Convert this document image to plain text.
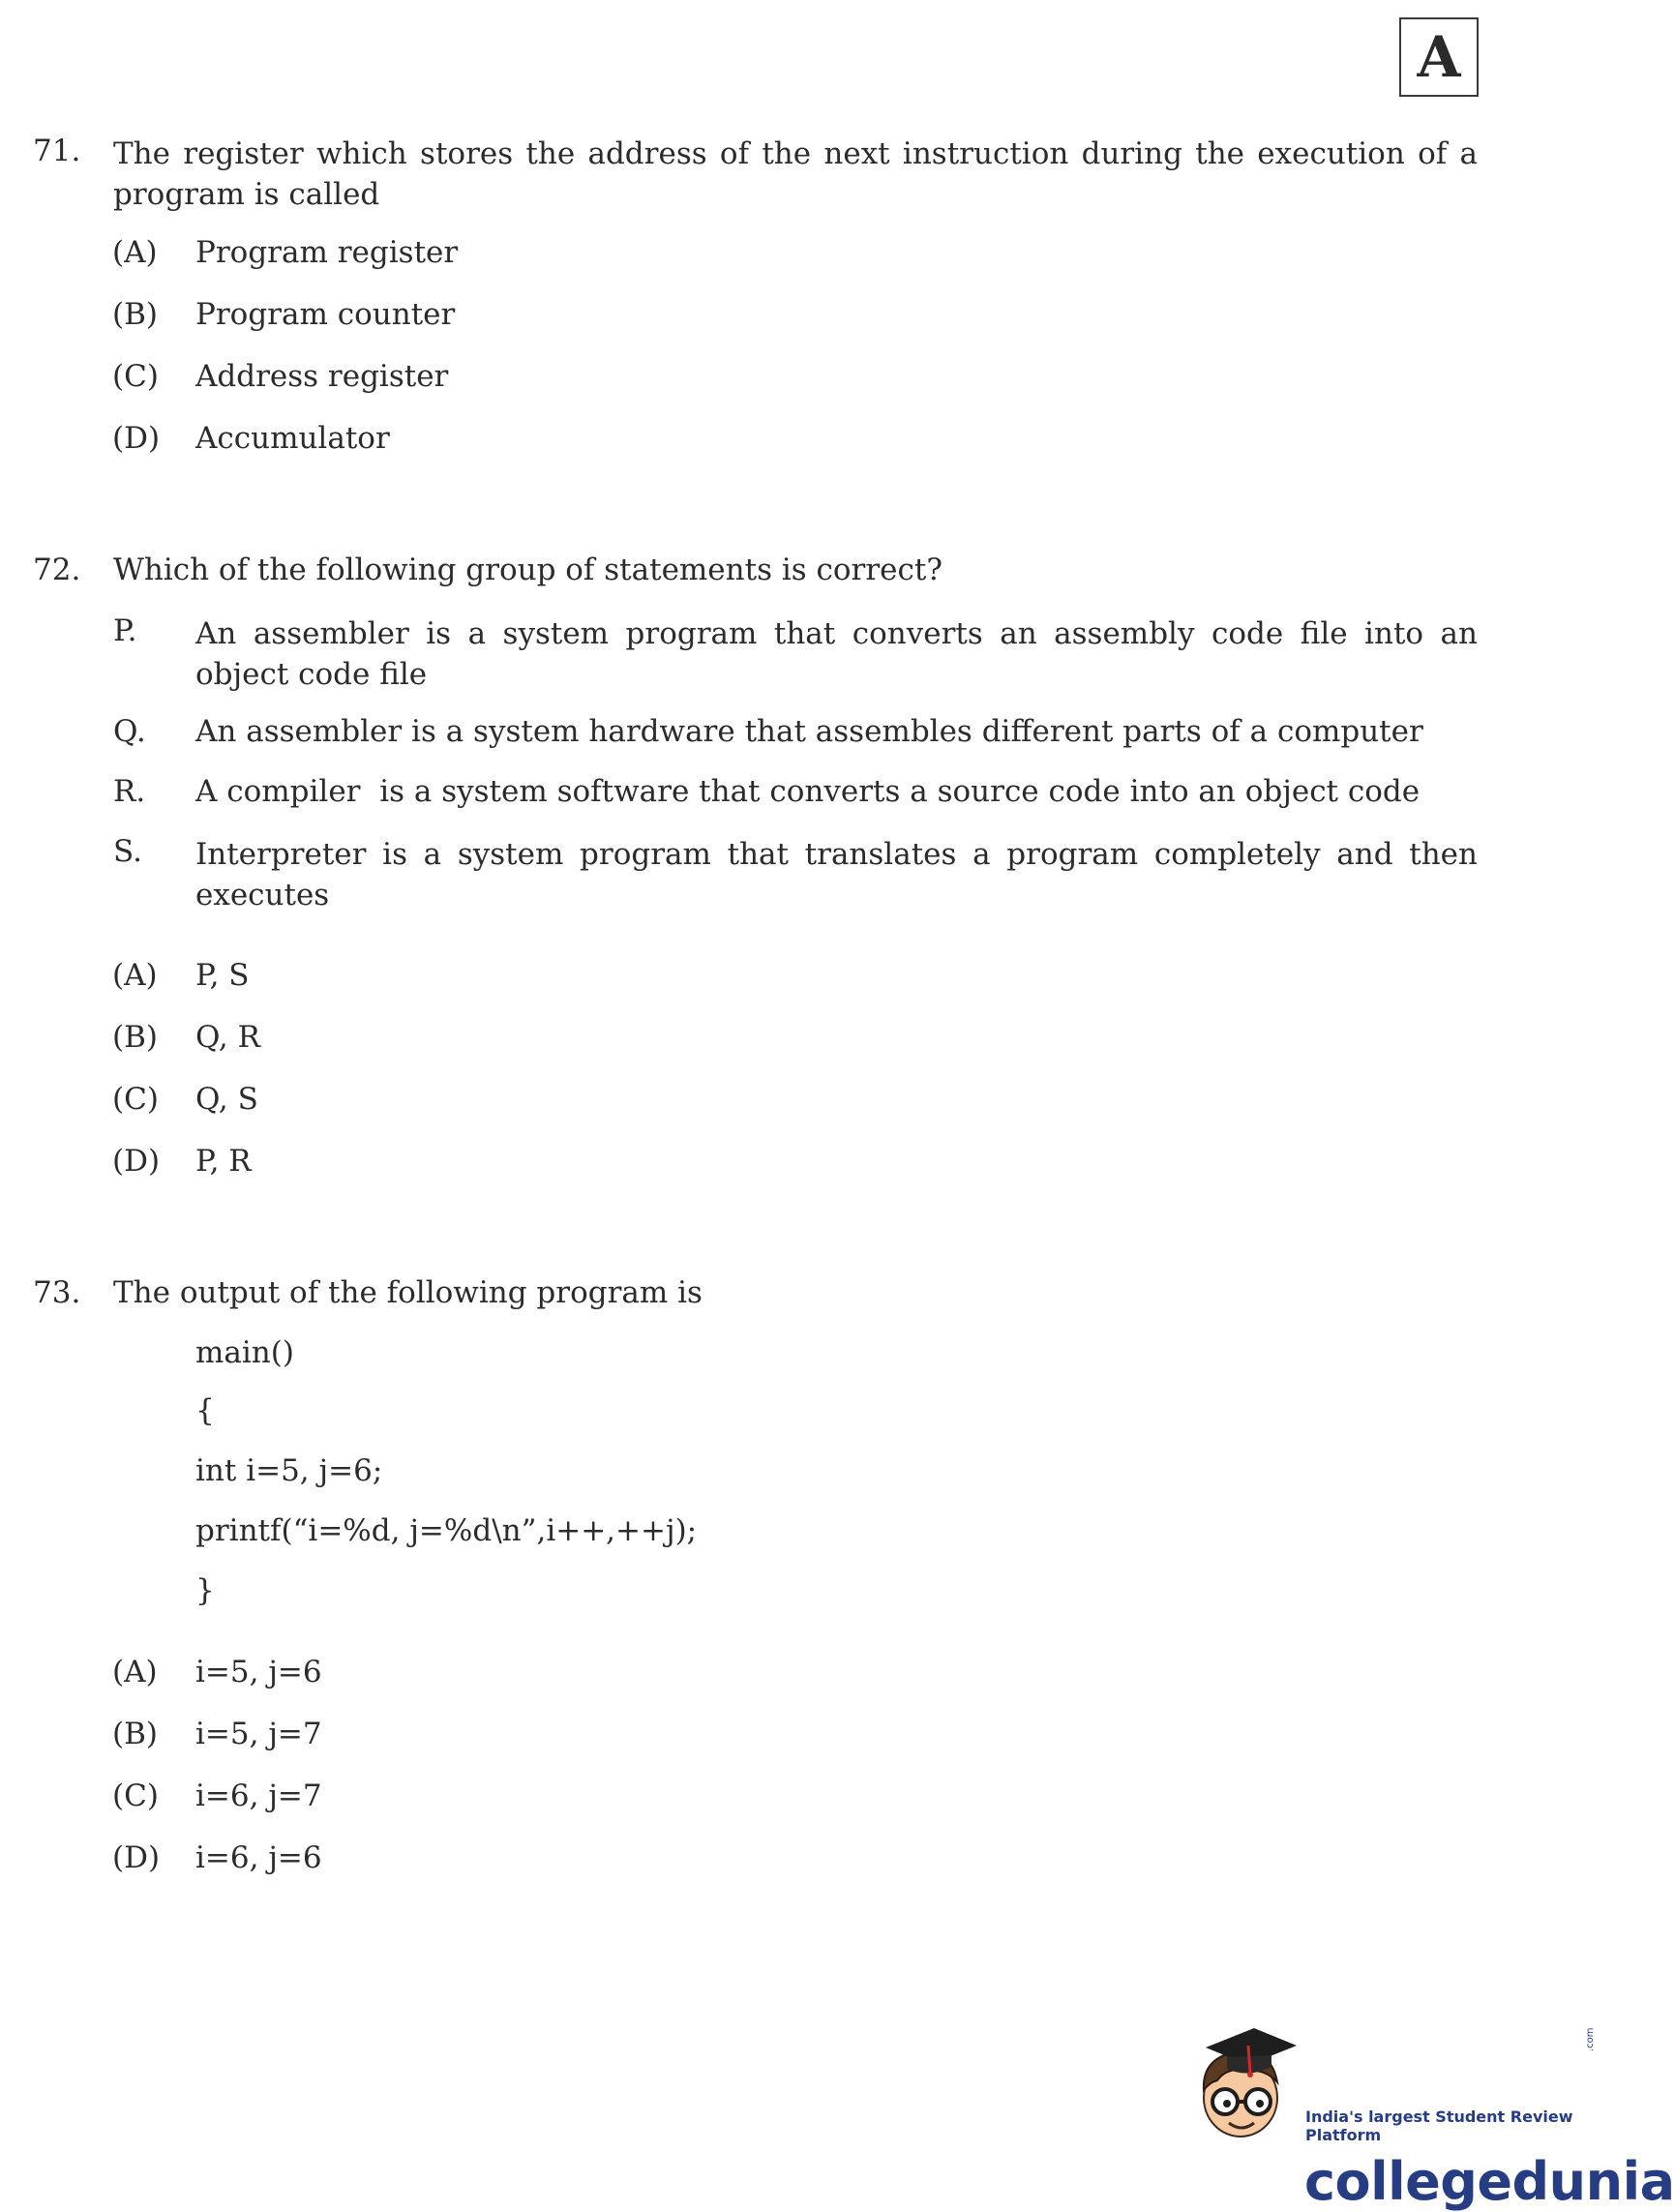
A
71. The register which stores the address of the next instruction during the execution of a program is called
(A) Program register
(B) Program counter
(C) Address register
(D) Accumulator
72. Which of the following group of statements is correct?
P. An assembler is a system program that converts an assembly code file into an object code file
Q. An assembler is a system hardware that assembles different parts of a computer
R. A compiler  is a system software that converts a source code into an object code
S. Interpreter is a system program that translates a program completely and then executes
(A) P, S
(B) Q, R
(C) Q, S
(D) P, R
73. The output of the following program is
main()
{
int i=5, j=6;
printf(“i=%d, j=%d\n”,i++,++j);
}
(A) i=5, j=6
(B) i=5, j=7
(C) i=6, j=7
(D) i=6, j=6
collegedunia
.com
India's largest Student Review Platform
